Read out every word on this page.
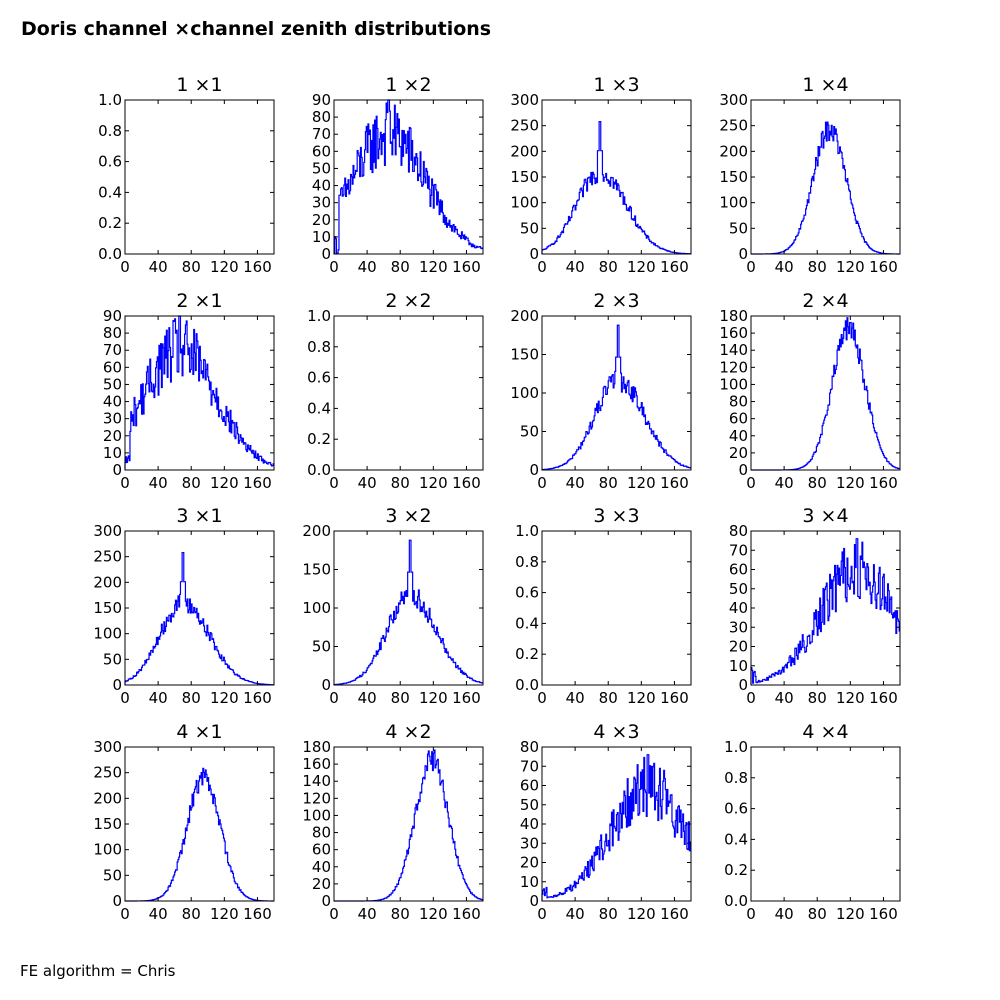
Doris channel ×channel zenith distributions
1 ×1
0.0
0.2
0.4
0.6
0.8
1.0
0 40 80 120 160
1 ×2
0
10
20
30
40
50
60
70
80
90
0 40 80 120 160
1 ×3
0
50
100
150
200
250
300
0 40 80 120 160
1 ×4
0
50
100
150
200
250
300
0 40 80 120 160
2 ×1
0
10
20
30
40
50
60
70
80
90
0 40 80 120 160
2 ×2
0.0
0.2
0.4
0.6
0.8
1.0
0 40 80 120 160
2 ×3
0
50
100
150
200
0 40 80 120 160
2 ×4
0
20
40
60
80
100
120
140
160
180
0 40 80 120 160
3 ×1
0
50
100
150
200
250
300
0 40 80 120 160
3 ×2
0
50
100
150
200
0 40 80 120 160
3 ×3
0.0
0.2
0.4
0.6
0.8
1.0
0 40 80 120 160
3 ×4
0
10
20
30
40
50
60
70
80
0 40 80 120 160
4 ×1
0
50
100
150
200
250
300
0 40 80 120 160
4 ×2
0
20
40
60
80
100
120
140
160
180
0 40 80 120 160
4 ×3
0
10
20
30
40
50
60
70
80
0 40 80 120 160
4 ×4
0.0
0.2
0.4
0.6
0.8
1.0
0 40 80 120 160
FE algorithm = Chris
